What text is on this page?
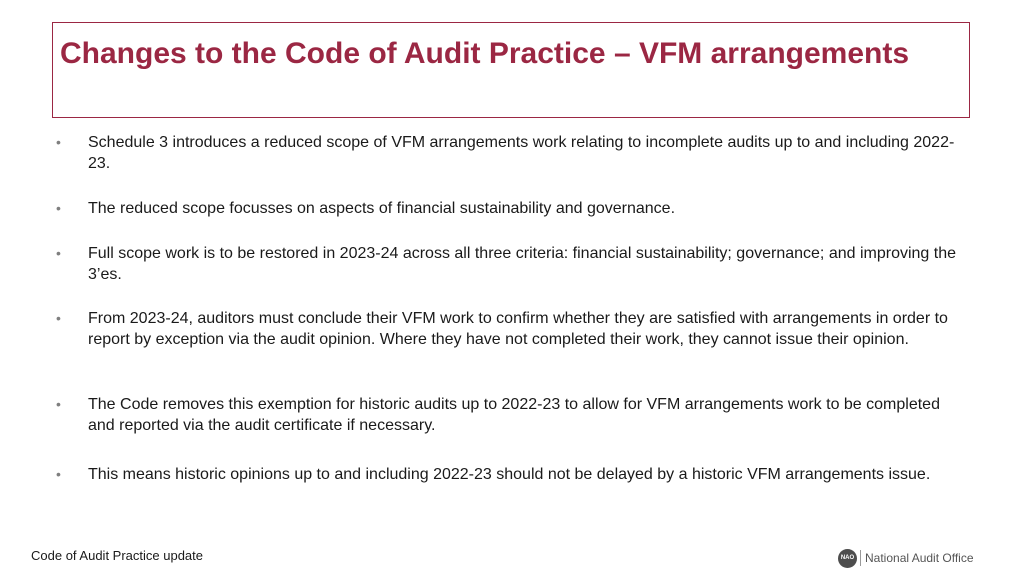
Changes to the Code of Audit Practice – VFM arrangements
•	Schedule 3 introduces a reduced scope of VFM arrangements work relating to incomplete audits up to and including 2022-23.
•	The reduced scope focusses on aspects of financial sustainability and governance.
•	Full scope work is to be restored in 2023-24 across all three criteria: financial sustainability; governance; and improving the 3’es.
•	From 2023-24, auditors must conclude their VFM work to confirm whether they are satisfied with arrangements in order to report by exception via the audit opinion. Where they have not completed their work, they cannot issue their opinion.
•	The Code removes this exemption for historic audits up to 2022-23 to allow for VFM arrangements work to be completed and reported via the audit certificate if necessary.
•	This means historic opinions up to and including 2022-23 should not be delayed by a historic VFM arrangements issue.
Code of Audit Practice update	NAO National Audit Office
